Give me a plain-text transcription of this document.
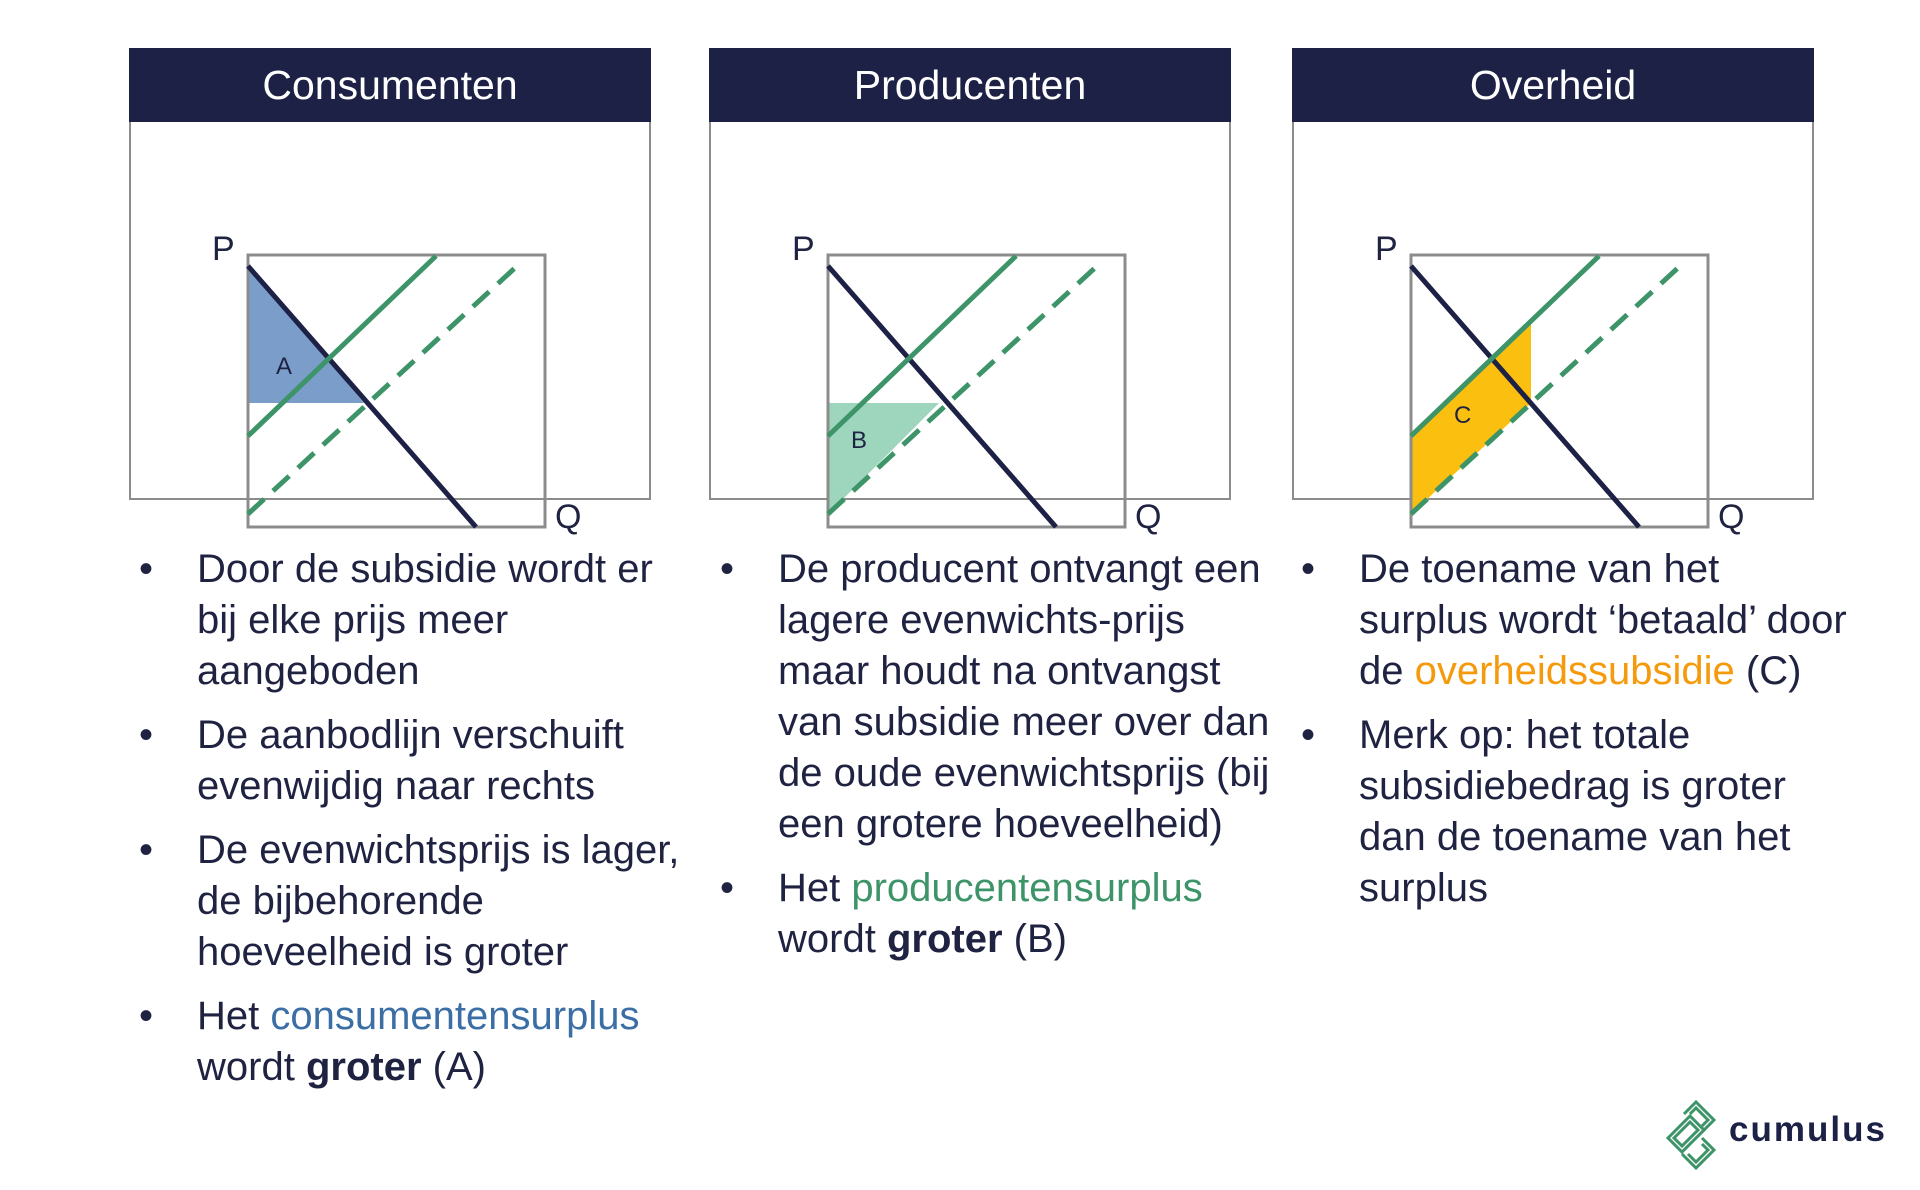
Consumenten
P
Q
A
Producenten
P
Q
B
Overheid
P
Q
C
• Door de subsidie wordt er bij elke prijs meer aangeboden
• De aanbodlijn verschuift evenwijdig naar rechts
• De evenwichtsprijs is lager, de bijbehorende hoeveelheid is groter
• Het consumentensurplus wordt groter (A)
• De producent ontvangt een lagere evenwichts-prijs maar houdt na ontvangst van subsidie meer over dan de oude evenwichtsprijs (bij een grotere hoeveelheid)
• Het producentensurplus wordt groter (B)
• De toename van het surplus wordt ‘betaald’ door de overheidssubsidie (C)
• Merk op: het totale subsidiebedrag is groter dan de toename van het surplus
cumulus
